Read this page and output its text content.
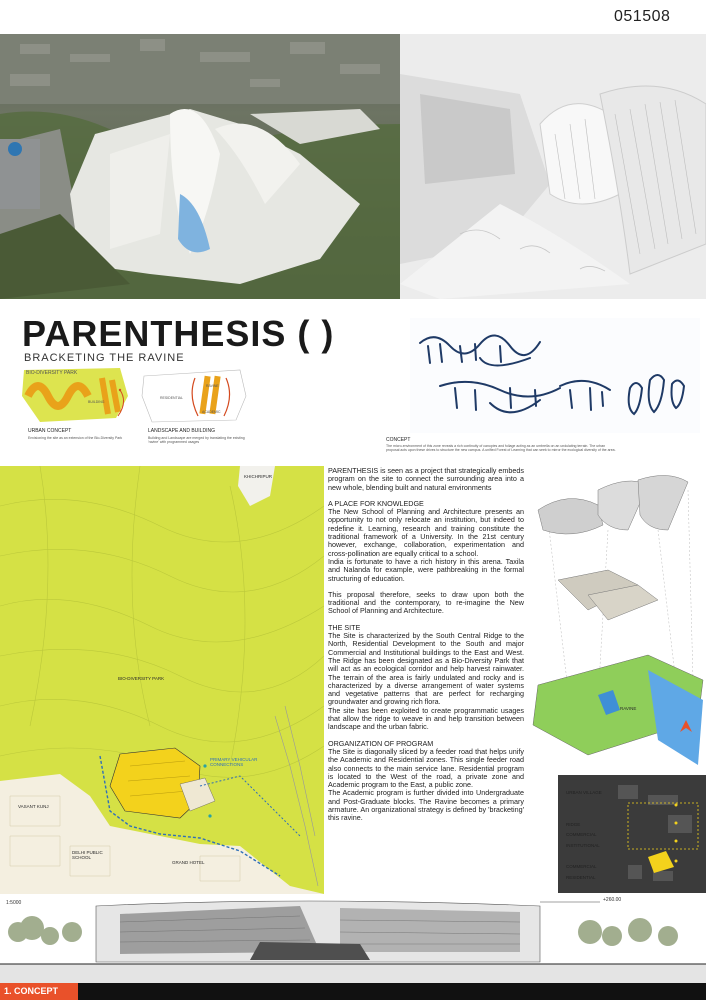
051508
PARENTHESIS ( )
BRACKETING THE RAVINE
BIO-DIVERSITY PARK
BUILDING
URBAN CONCEPT
Envisioning the site as an extension of the Bio-Diversity Park
RESIDENTIAL
RAVINE
ACADEMIC
LANDSCAPE AND BUILDING
Building and Landscape are merged by translating the existing 'ravine' with programmed usages	CONCEPT
The micro-environment of this zone reveals a rich continuity of canopies and foliage acting as an umbrella on an undulating terrain. The urban proposal acts upon these drives to structure the new campus. A unified Forest of Learning that can seek to mirror the ecological diversity of the area.
KHICHRIPUR
BIO-DIVERSITY PARK
PRIMARY VEHICULAR CONNECTIONS
VASANT KUNJ
DELHI PUBLIC SCHOOL
GRAND HOTEL

PARENTHESIS is seen as a project that strategically embeds program on the site to connect the surrounding area into a new whole, blending built and natural environments

A PLACE FOR KNOWLEDGE
The New School of Planning and Architecture presents an opportunity to not only relocate an institution, but indeed to redefine it. Learning, research and training constitute the traditional framework of a University. In the 21st century however, exchange, collaboration, experimentation and cross-pollination are equally critical to a school.
India is fortunate to have a rich history in this arena. Taxila and Nalanda for example, were pathbreaking in the formal structuring of education.

This proposal therefore, seeks to draw upon both the traditional and the contemporary, to re-imagine the New School of Planning and Architecture.

THE SITE
The Site is characterized by the South Central Ridge to the North, Residential Development to the South and major Commercial and Institutional buildings to the East and West. The Ridge has been designated as a Bio-Diversity Park that will act as an ecological corridor and help harvest rainwater. The terrain of the area is fairly undulated and rocky and is characterized by a diverse arrangement of water systems and vegetative patterns that are perfect for recharging groundwater and growing rich flora.
The site has been exploited to create programmatic usages that allow the ridge to weave in and help transition between landscape and the urban fabric.

ORGANIZATION OF PROGRAM
The Site is diagonally sliced by a feeder road that helps unify the Academic and Residential zones. This single feeder road also connects to the main service lane. Residential program is located to the West of the road, a private zone and Academic program to the East, a public zone.
The Academic program is further divided into Undergraduate and Post-Graduate blocks. The Ravine becomes a primary armature. An organizational strategy is defined by 'bracketing' this ravine.

RAVINE
URBAN VILLAGE
RIDGE
COMMERCIAL
INSTITUTIONAL
COMMERCIAL
RESIDENTIAL
1:5000	+260.00
1. CONCEPT
